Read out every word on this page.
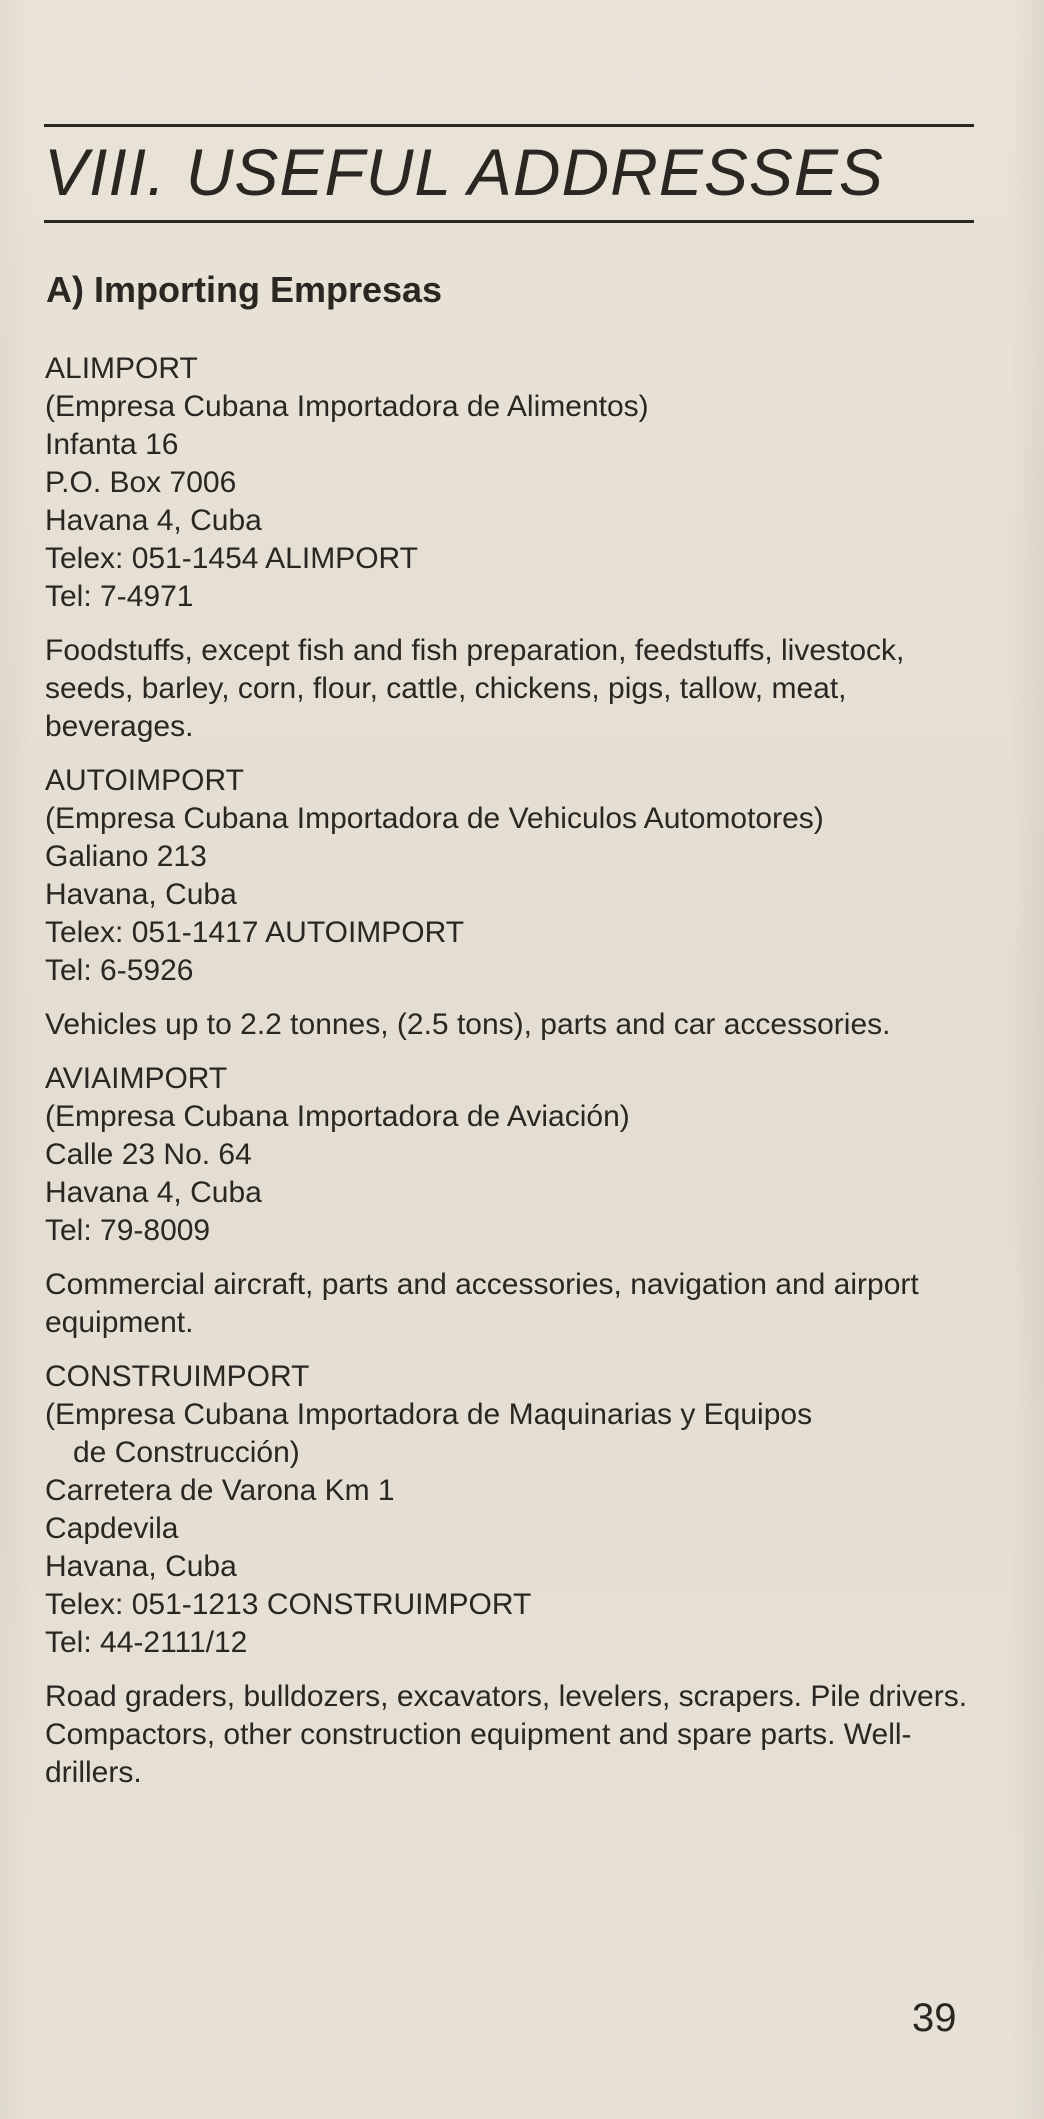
VIII. USEFUL ADDRESSES
A) Importing Empresas
ALIMPORT
(Empresa Cubana Importadora de Alimentos)
Infanta 16
P.O. Box 7006
Havana 4, Cuba
Telex: 051-1454 ALIMPORT
Tel: 7-4971
Foodstuffs, except fish and fish preparation, feedstuffs, livestock, seeds, barley, corn, flour, cattle, chickens, pigs, tallow, meat, beverages.
AUTOIMPORT
(Empresa Cubana Importadora de Vehiculos Automotores)
Galiano 213
Havana, Cuba
Telex: 051-1417 AUTOIMPORT
Tel: 6-5926
Vehicles up to 2.2 tonnes, (2.5 tons), parts and car accessories.
AVIAIMPORT
(Empresa Cubana Importadora de Aviación)
Calle 23 No. 64
Havana 4, Cuba
Tel: 79-8009
Commercial aircraft, parts and accessories, navigation and airport equipment.
CONSTRUIMPORT
(Empresa Cubana Importadora de Maquinarias y Equipos
de Construcción)
Carretera de Varona Km 1
Capdevila
Havana, Cuba
Telex: 051-1213 CONSTRUIMPORT
Tel: 44-2111/12
Road graders, bulldozers, excavators, levelers, scrapers. Pile drivers. Compactors, other construction equipment and spare parts. Well-drillers.
39
